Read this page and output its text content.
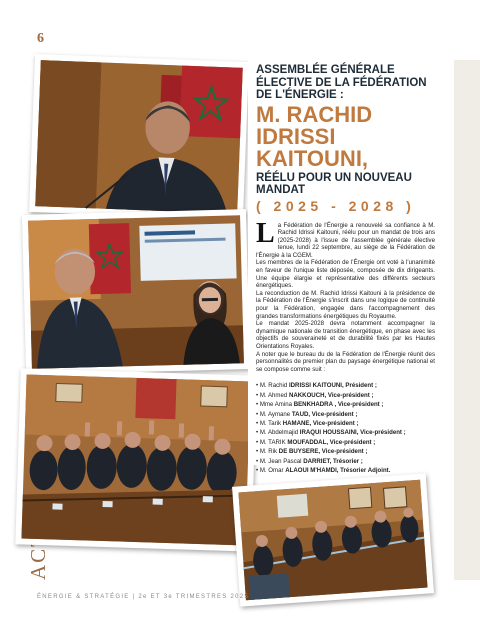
6
ASSEMBLÉE GÉNÉRALE ÉLECTIVE DE LA FÉDÉRATION DE L'ÉNERGIE :
M. RACHID IDRISSI KAITOUNI,
RÉÉLU POUR UN NOUVEAU MANDAT
( 2025 - 2028 )

La Fédération de l'Énergie a renouvelé sa confiance à M. Rachid Idrissi Kaitouni, réélu pour un mandat de trois ans (2025-2028) à l'issue de l'assemblée générale élective tenue, lundi 22 septembre, au siège de la Fédération de l'Énergie à la CGEM.

Les membres de la Fédération de l'Énergie ont voté à l'unanimité en faveur de l'unique liste déposée, composée de dix dirigeants. Une équipe élargie et représentative des différents secteurs énergétiques.

La reconduction de M. Rachid Idrissi Kaitouni à la présidence de la Fédération de l'Énergie s'inscrit dans une logique de continuité pour la Fédération, engagée dans l'accompagnement des grandes transformations énergétiques du Royaume.

Le mandat 2025-2028 devra notamment accompagner la dynamique nationale de transition énergétique, en phase avec les objectifs de souveraineté et de durabilité fixés par les Hautes Orientations Royales.

A noter que le bureau du de la Fédération de l'Énergie réunit des personnalités de premier plan du paysage énergétique national et se compose comme suit :

• M. Rachid IDRISSI KAITOUNI, Président ;
• M. Ahmed NAKKOUCH, Vice-président ;
• Mme Amina BENKHADRA , Vice-président ;
• M. Aymane TAUD, Vice-président ;
• M. Tarik HAMANE, Vice-président ;
• M. Abdelmajid IRAQUI HOUSSAINI, Vice-président ;
• M. TARIK MOUFADDAL, Vice-président ;
• M. Rik DE BUYSERE, Vice-président ;
• M. Jean Pascal DARRIET, Trésorier ;
• M. Omar ALAOUI M'HAMDI, Trésorier Adjoint.
ÉNERGIE & STRATÉGIE | 2e ET 3e TRIMESTRES 2025
